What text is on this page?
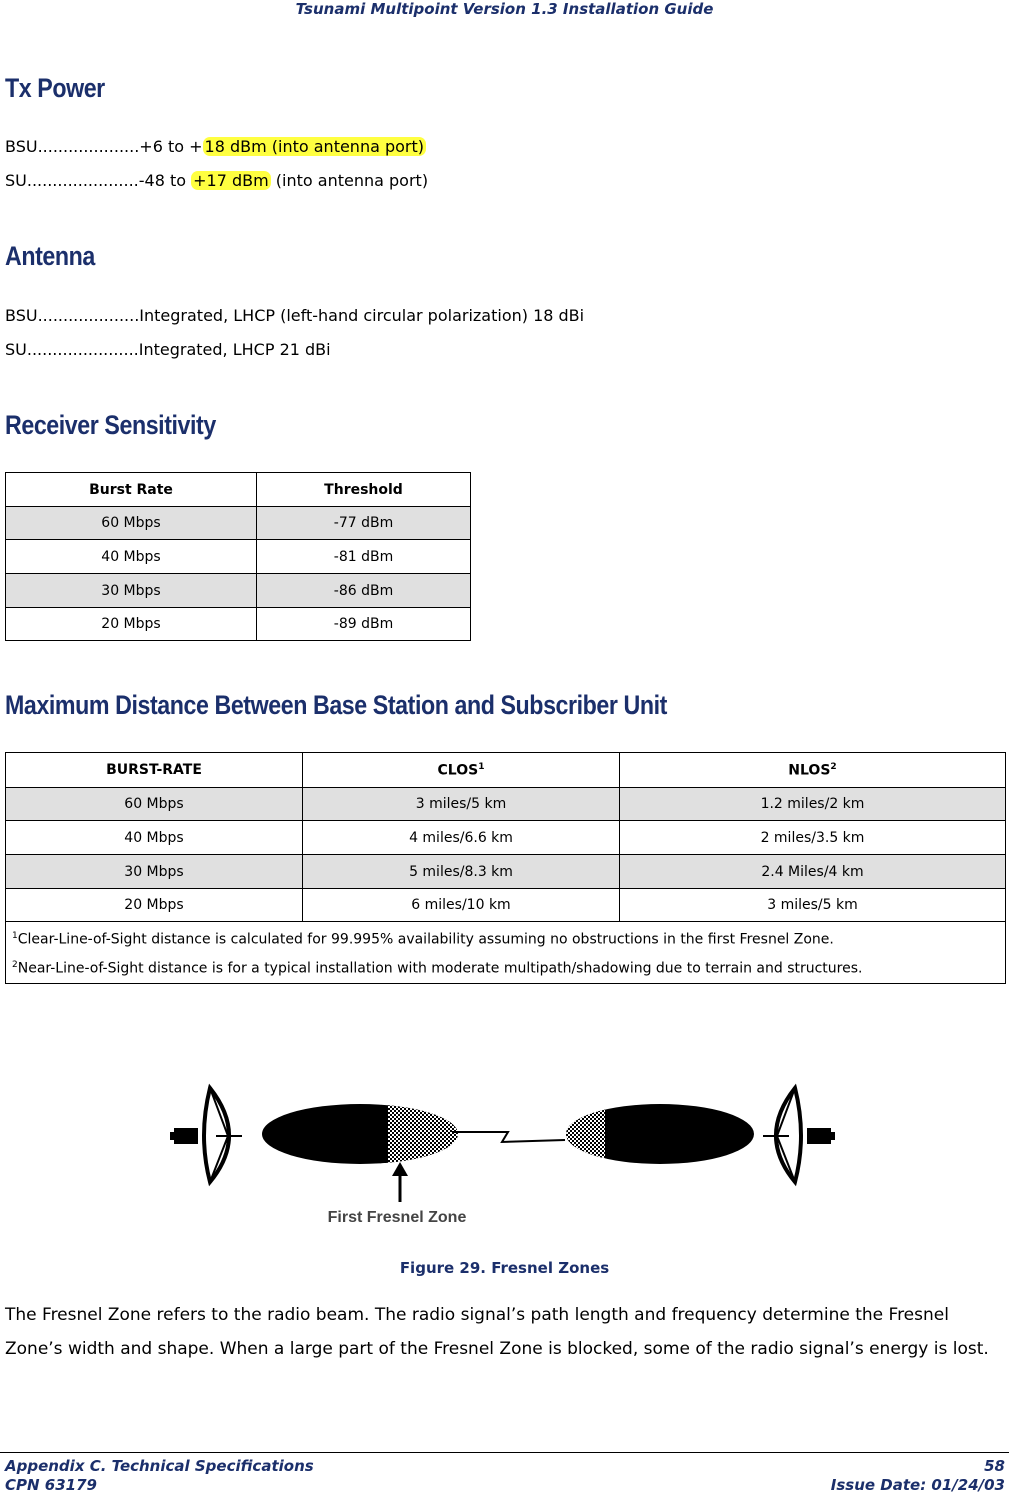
Tsunami Multipoint Version 1.3 Installation Guide
Tx Power
BSU....................+6 to + 18 dBm (into antenna port)
SU......................-48 to +17 dBm (into antenna port)
Antenna
BSU....................Integrated, LHCP (left-hand circular polarization) 18 dBi
SU......................Integrated, LHCP 21 dBi
Receiver Sensitivity
Burst Rate	Threshold
60 Mbps	-77 dBm
40 Mbps	-81 dBm
30 Mbps	-86 dBm
20 Mbps	-89 dBm
Maximum Distance Between Base Station and Subscriber Unit
BURST-RATE	CLOS$^1$	NLOS$^2$
60 Mbps	3 miles/5 km	1.2 miles/2 km
40 Mbps	4 miles/6.6 km	2 miles/3.5 km
30 Mbps	5 miles/8.3 km	2.4 Miles/4 km
20 Mbps	6 miles/10 km	3 miles/5 km

$^1$Clear-Line-of-Sight distance is calculated for 99.995% availability assuming no obstructions in the first Fresnel Zone.

$^2$Near-Line-of-Sight distance is for a typical installation with moderate multipath/shadowing due to terrain and structures.		

First Fresnel Zone
Figure 29. Fresnel Zones
The Fresnel Zone refers to the radio beam. The radio signal’s path length and frequency determine the Fresnel Zone’s width and shape. When a large part of the Fresnel Zone is blocked, some of the radio signal’s energy is lost.
Appendix C. Technical Specifications
CPN 63179
58
Issue Date: 01/24/03
